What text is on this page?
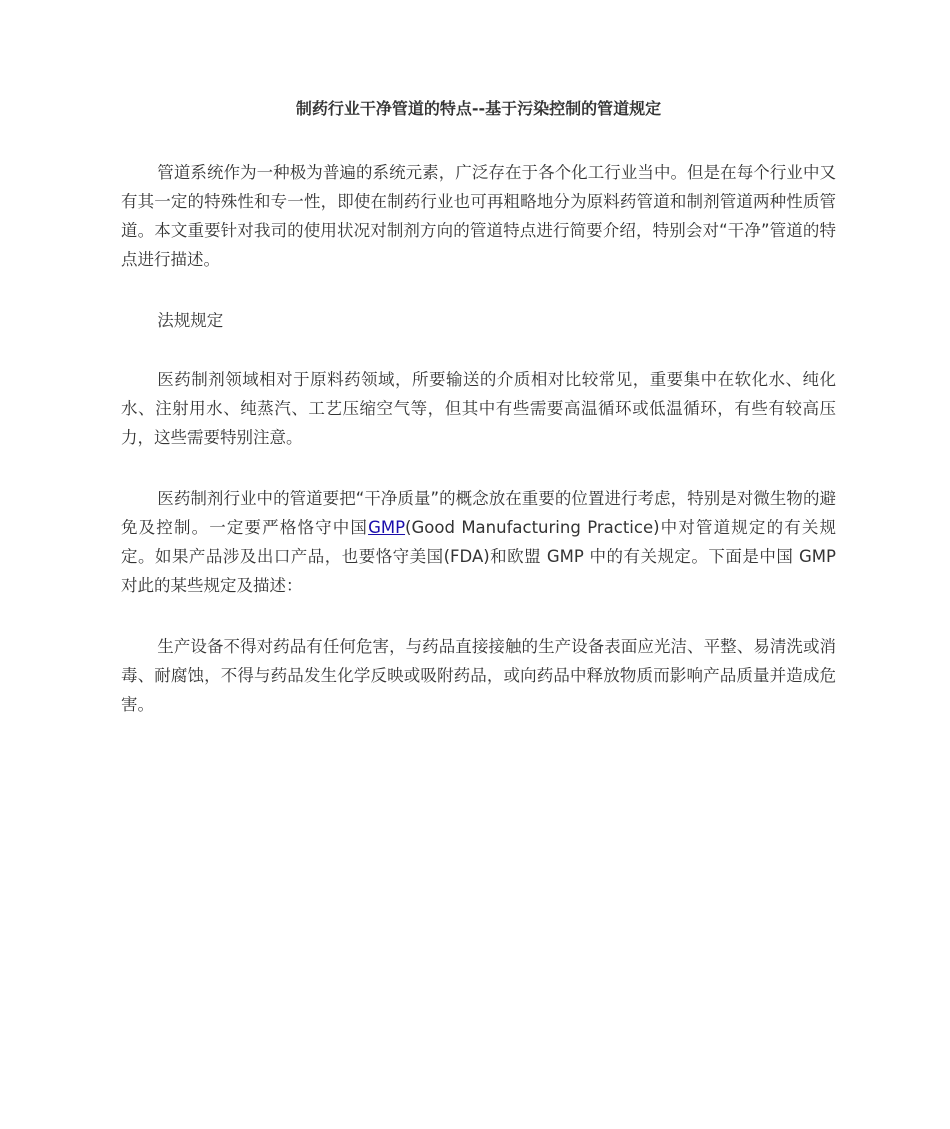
制药行业干净管道的特点--基于污染控制的管道规定

管道系统作为一种极为普遍的系统元素，广泛存在于各个化工行业当中。但是在每个行业中又有其一定的特殊性和专一性，即使在制药行业也可再粗略地分为原料药管道和制剂管道两种性质管道。本文重要针对我司的使用状况对制剂方向的管道特点进行简要介绍，特别会对“干净”管道的特点进行描述。

法规规定

医药制剂领域相对于原料药领域，所要输送的介质相对比较常见，重要集中在软化水、纯化水、注射用水、纯蒸汽、工艺压缩空气等，但其中有些需要高温循环或低温循环，有些有较高压力，这些需要特别注意。

医药制剂行业中的管道要把“干净质量”的概念放在重要的位置进行考虑，特别是对微生物的避免及控制。一定要严格恪守中国GMP(Good Manufacturing Practice)中对管道规定的有关规定。如果产品涉及出口产品，也要恪守美国(FDA)和欧盟 GMP 中的有关规定。下面是中国 GMP 对此的某些规定及描述：

生产设备不得对药品有任何危害，与药品直接接触的生产设备表面应光洁、平整、易清洗或消毒、耐腐蚀，不得与药品发生化学反映或吸附药品，或向药品中释放物质而影响产品质量并造成危害。
